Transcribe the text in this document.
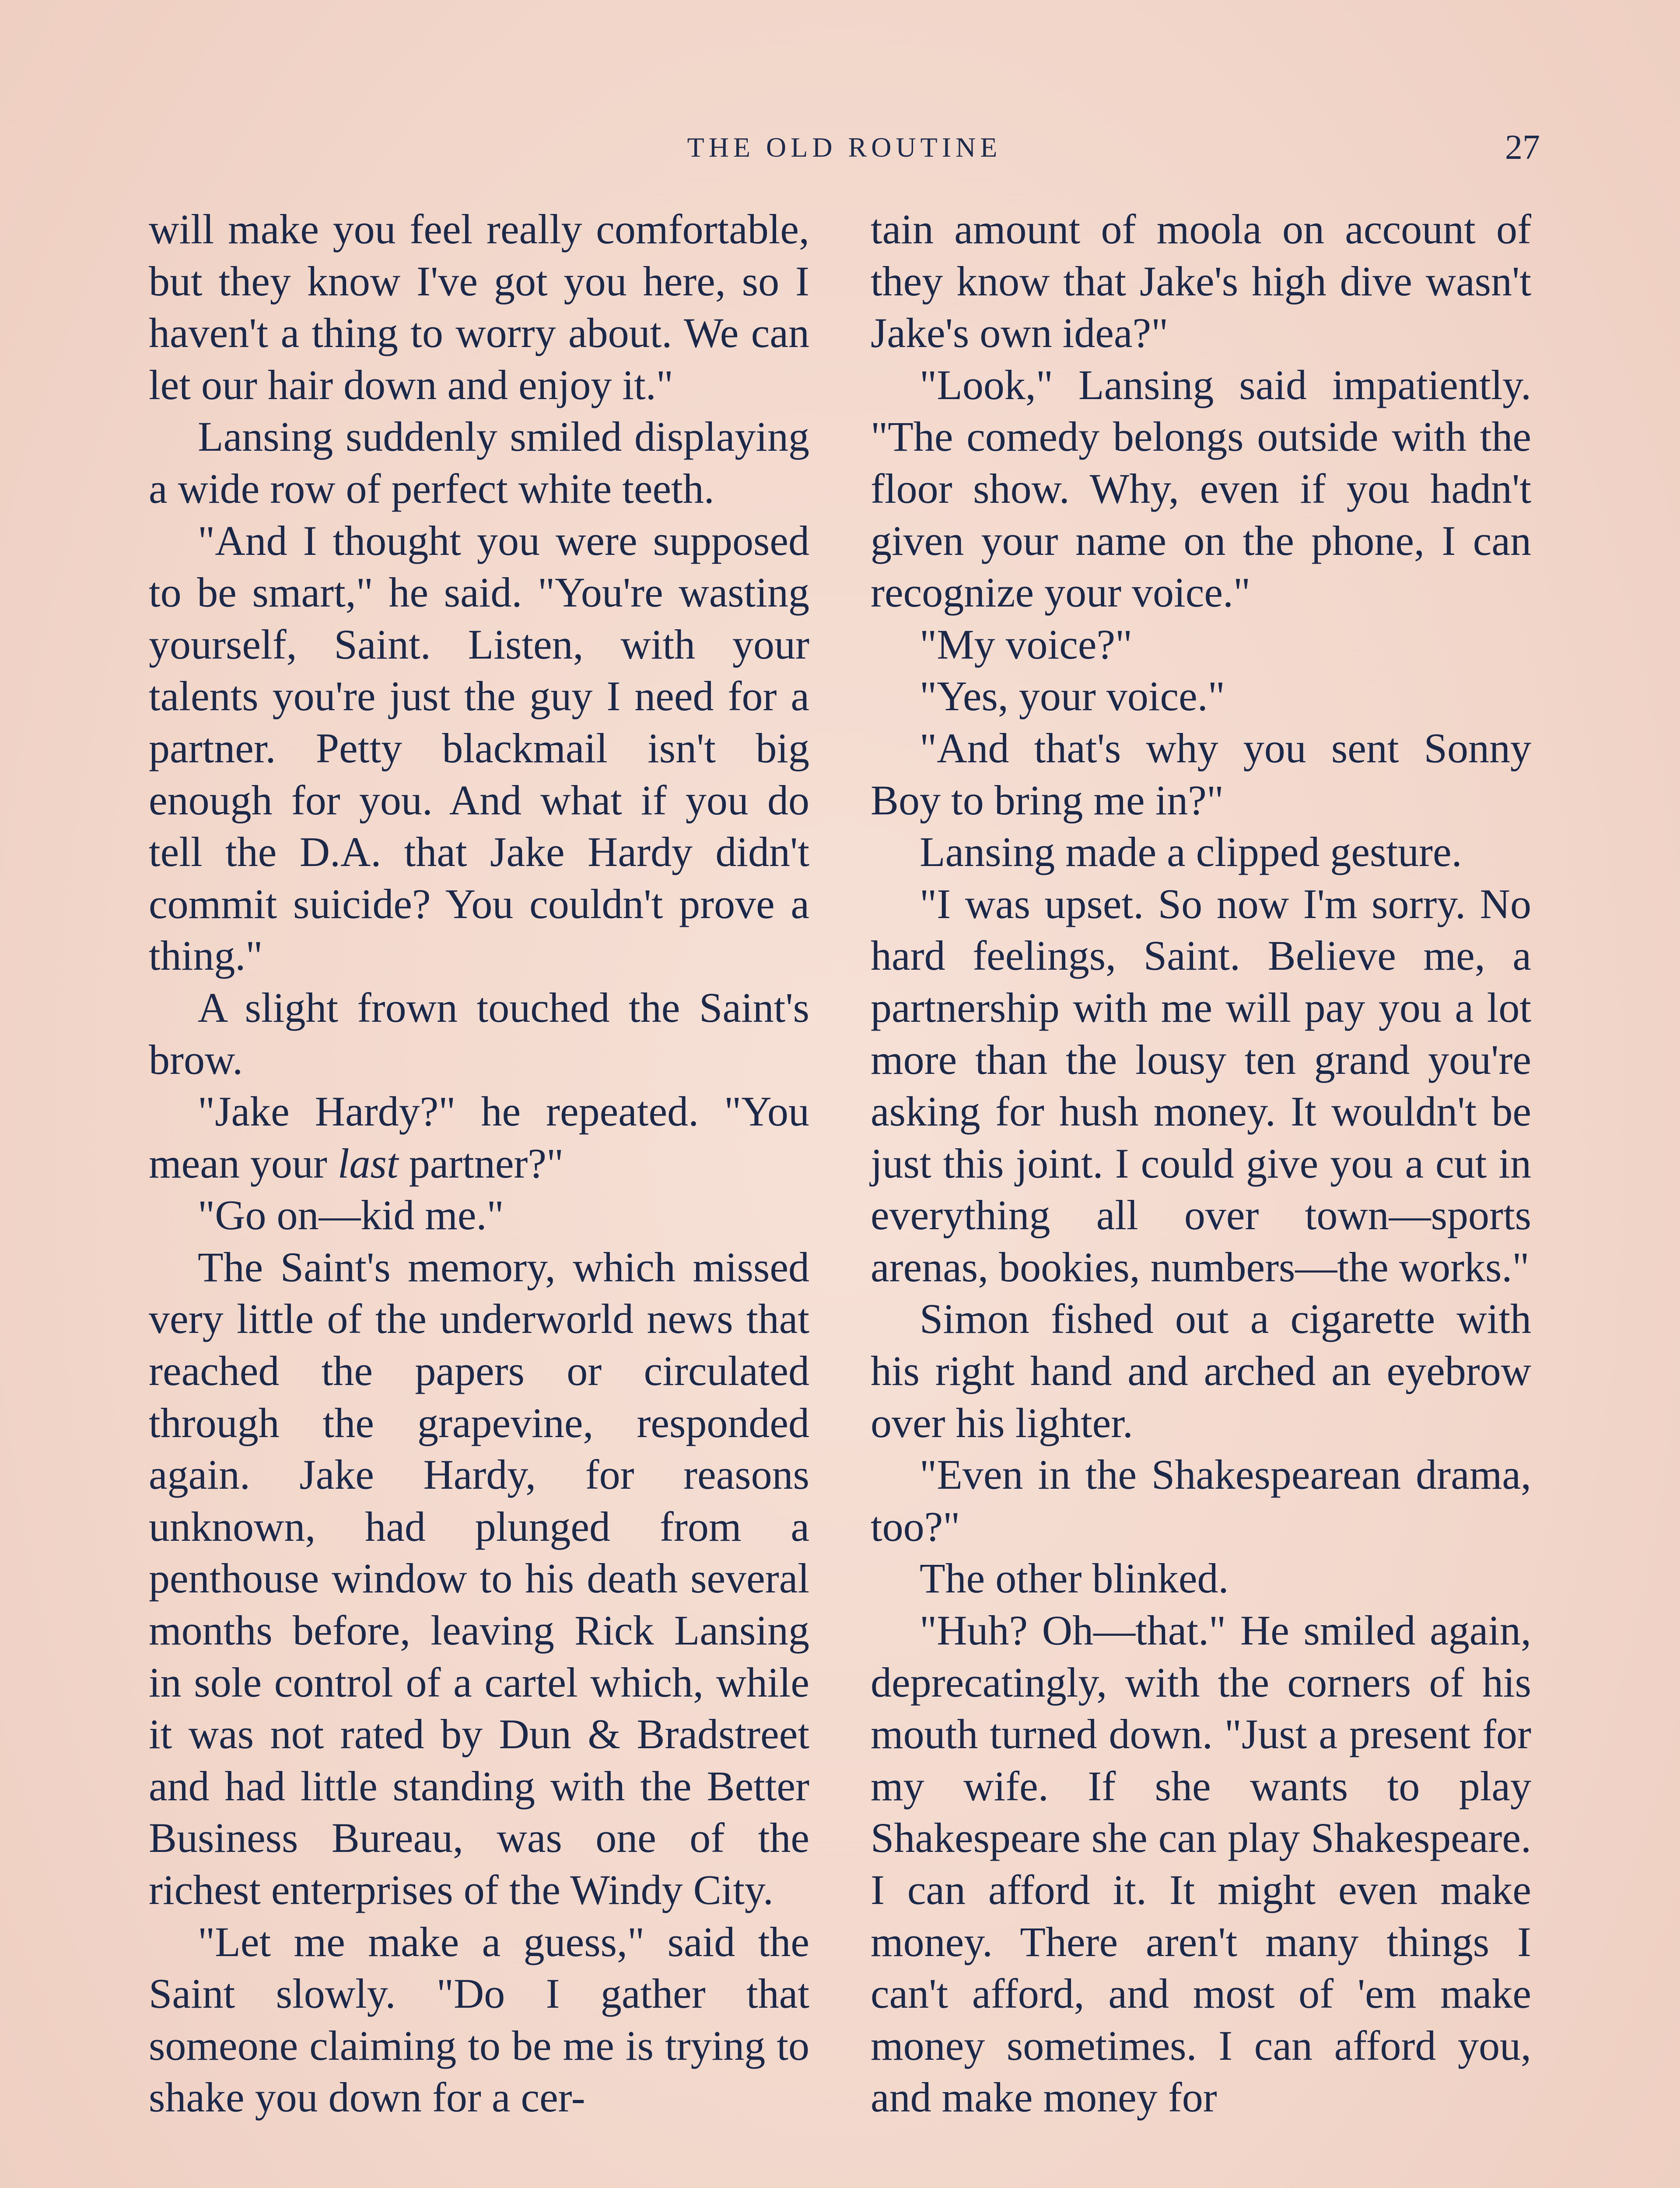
THE OLD ROUTINE	27

will make you feel really comfortable, but they know I've got you here, so I haven't a thing to worry about. We can let our hair down and enjoy it."

Lansing suddenly smiled displaying a wide row of perfect white teeth.

"And I thought you were supposed to be smart," he said. "You're wasting yourself, Saint. Listen, with your talents you're just the guy I need for a partner. Petty blackmail isn't big enough for you. And what if you do tell the D.A. that Jake Hardy didn't commit suicide? You couldn't prove a thing."

A slight frown touched the Saint's brow.

"Jake Hardy?" he repeated. "You mean your last partner?"

"Go on—kid me."

The Saint's memory, which missed very little of the underworld news that reached the papers or circulated through the grapevine, responded again. Jake Hardy, for reasons unknown, had plunged from a penthouse window to his death several months before, leaving Rick Lansing in sole control of a cartel which, while it was not rated by Dun & Bradstreet and had little standing with the Better Business Bureau, was one of the richest enterprises of the Windy City.

"Let me make a guess," said the Saint slowly. "Do I gather that someone claiming to be me is trying to shake you down for a cer-

tain amount of moola on account of they know that Jake's high dive wasn't Jake's own idea?"

"Look," Lansing said impatiently. "The comedy belongs outside with the floor show. Why, even if you hadn't given your name on the phone, I can recognize your voice."

"My voice?"

"Yes, your voice."

"And that's why you sent Sonny Boy to bring me in?"

Lansing made a clipped gesture.

"I was upset. So now I'm sorry. No hard feelings, Saint. Believe me, a partnership with me will pay you a lot more than the lousy ten grand you're asking for hush money. It wouldn't be just this joint. I could give you a cut in everything all over town—sports arenas, bookies, numbers—the works."

Simon fished out a cigarette with his right hand and arched an eyebrow over his lighter.

"Even in the Shakespearean drama, too?"

The other blinked.

"Huh? Oh—that." He smiled again, deprecatingly, with the corners of his mouth turned down. "Just a present for my wife. If she wants to play Shakespeare she can play Shakespeare. I can afford it. It might even make money. There aren't many things I can't afford, and most of 'em make money sometimes. I can afford you, and make money for
